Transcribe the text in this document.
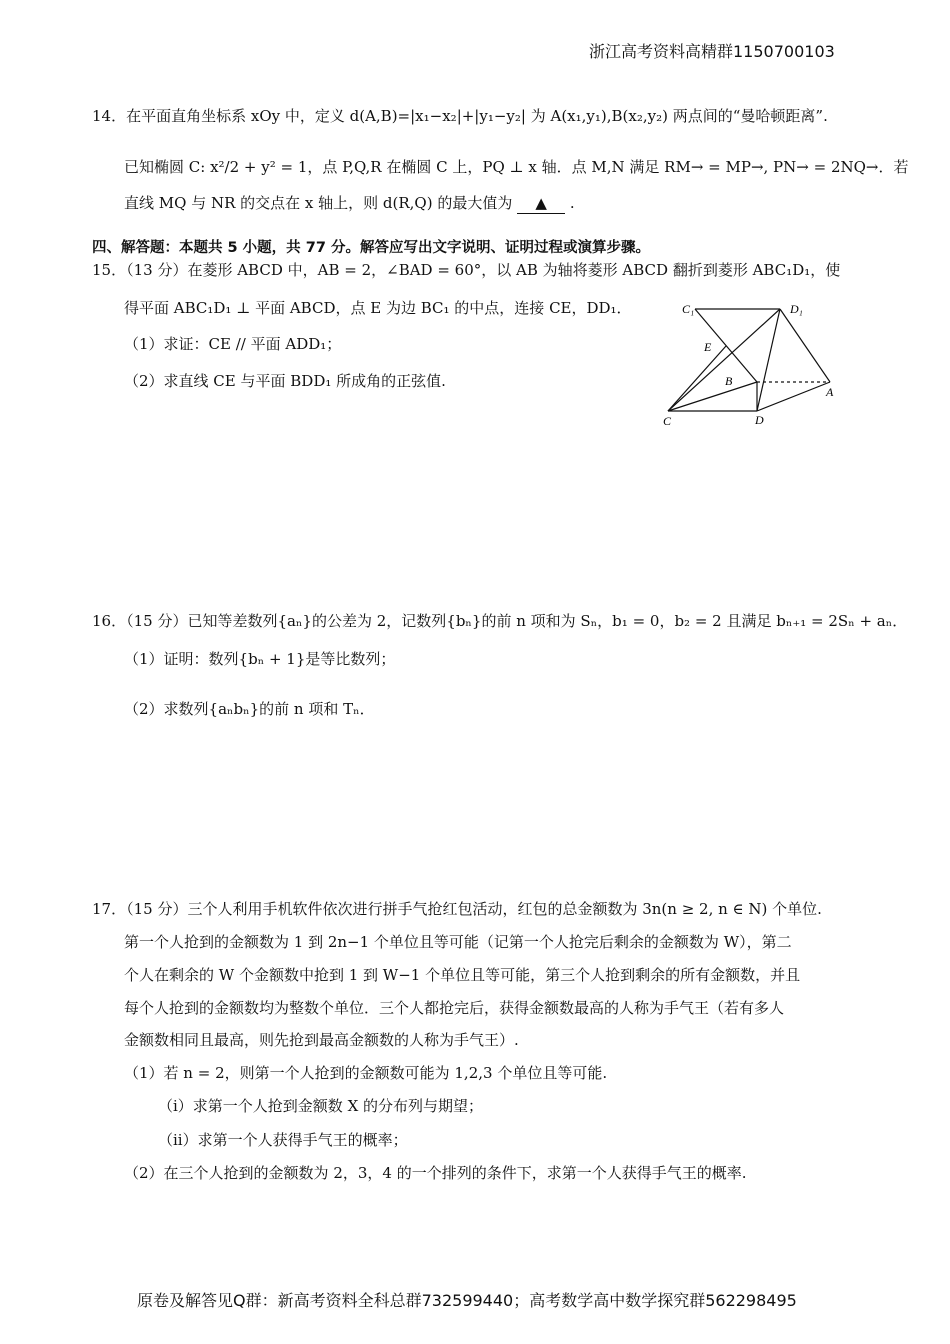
浙江高考资料高精群1150700103
14．在平面直角坐标系 xOy 中，定义 d(A,B)=|x₁−x₂|+|y₁−y₂| 为 A(x₁,y₁),B(x₂,y₂) 两点间的“曼哈顿距离”.
已知椭圆 C: x²/2 + y² = 1，点 P,Q,R 在椭圆 C 上，PQ ⊥ x 轴．点 M,N 满足 RM→ = MP→, PN→ = 2NQ→．若
直线 MQ 与 NR 的交点在 x 轴上，则 d(R,Q) 的最大值为 ▲ .
四、解答题：本题共 5 小题，共 77 分。解答应写出文字说明、证明过程或演算步骤。
15．（13 分）在菱形 ABCD 中，AB = 2，∠BAD = 60°，以 AB 为轴将菱形 ABCD 翻折到菱形 ABC₁D₁，使
得平面 ABC₁D₁ ⊥ 平面 ABCD，点 E 为边 BC₁ 的中点，连接 CE，DD₁．
（1）求证：CE // 平面 ADD₁；
（2）求直线 CE 与平面 BDD₁ 所成角的正弦值.
C₁	D₁
E
B
A
C	D
16．（15 分）已知等差数列{aₙ}的公差为 2，记数列{bₙ}的前 n 项和为 Sₙ，b₁ = 0，b₂ = 2 且满足 bₙ₊₁ = 2Sₙ + aₙ．
（1）证明：数列{bₙ + 1}是等比数列；
（2）求数列{aₙbₙ}的前 n 项和 Tₙ．
17．（15 分）三个人利用手机软件依次进行拼手气抢红包活动，红包的总金额数为 3n(n ≥ 2, n ∈ N) 个单位.
第一个人抢到的金额数为 1 到 2n−1 个单位且等可能（记第一个人抢完后剩余的金额数为 W），第二
个人在剩余的 W 个金额数中抢到 1 到 W−1 个单位且等可能，第三个人抢到剩余的所有金额数，并且
每个人抢到的金额数均为整数个单位．三个人都抢完后，获得金额数最高的人称为手气王（若有多人
金额数相同且最高，则先抢到最高金额数的人称为手气王）.
（1）若 n = 2，则第一个人抢到的金额数可能为 1,2,3 个单位且等可能.
（i）求第一个人抢到金额数 X 的分布列与期望；
（ii）求第一个人获得手气王的概率；
（2）在三个人抢到的金额数为 2，3，4 的一个排列的条件下，求第一个人获得手气王的概率.
原卷及解答见Q群：新高考资料全科总群732599440；高考数学高中数学探究群562298495
